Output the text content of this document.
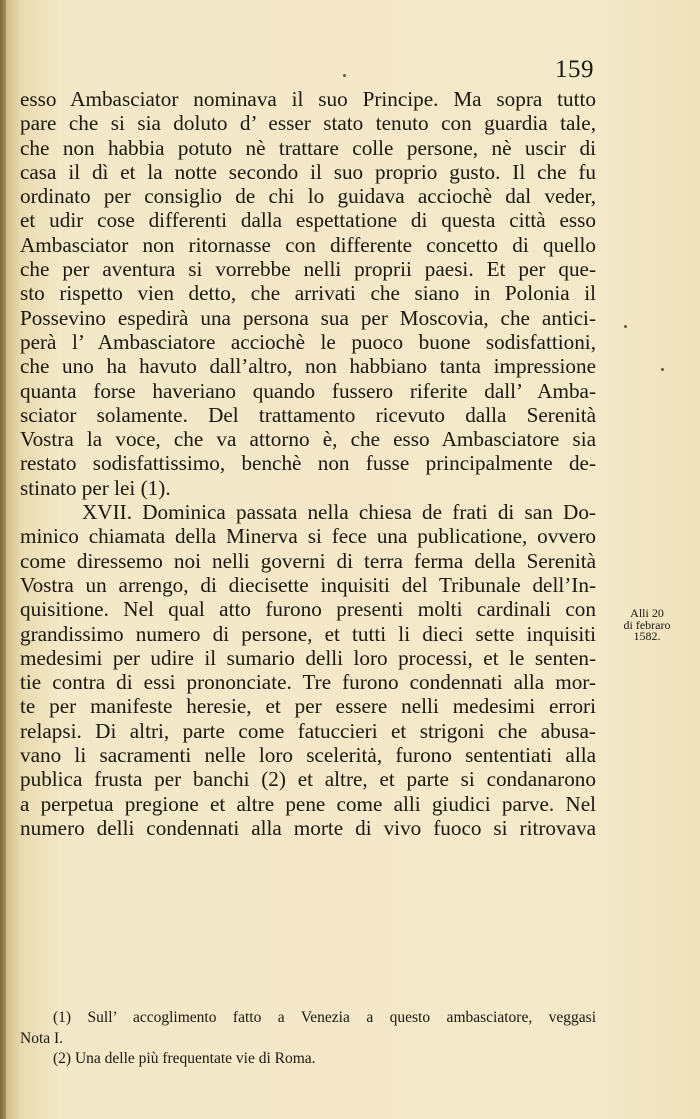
159
esso Ambasciator nominava il suo Principe. Ma sopra tutto
pare che si sia doluto d’ esser stato tenuto con guardia tale,
che non habbia potuto nè trattare colle persone, nè uscir di
casa il dì et la notte secondo il suo proprio gusto. Il che fu
ordinato per consiglio de chi lo guidava acciochè dal veder,
et udir cose differenti dalla espettatione di questa città esso
Ambasciator non ritornasse con differente concetto di quello
che per aventura si vorrebbe nelli proprii paesi. Et per que-
sto rispetto vien detto, che arrivati che siano in Polonia il
Possevino espedirà una persona sua per Moscovia, che antici-
perà l’ Ambasciatore acciochè le puoco buone sodisfattioni,
che uno ha havuto dall’altro, non habbiano tanta impressione
quanta forse haveriano quando fussero riferite dall’ Amba-
sciator solamente. Del trattamento ricevuto dalla Serenità
Vostra la voce, che va attorno è, che esso Ambasciatore sia
restato sodisfattissimo, benchè non fusse principalmente de-
stinato per lei (1).
XVII. Dominica passata nella chiesa de frati di san Do-
minico chiamata della Minerva si fece una publicatione, ovvero
come diressemo noi nelli governi di terra ferma della Serenità
Vostra un arrengo, di diecisette inquisiti del Tribunale dell’In-
quisitione. Nel qual atto furono presenti molti cardinali con
grandissimo numero di persone, et tutti li dieci sette inquisiti
medesimi per udire il sumario delli loro processi, et le senten-
tie contra di essi prononciate. Tre furono condennati alla mor-
te per manifeste heresie, et per essere nelli medesimi errori
relapsi. Di altri, parte come fatuccieri et strigoni che abusa-
vano li sacramenti nelle loro sceleritȧ, furono sententiati alla
publica frusta per banchi (2) et altre, et parte si condanarono
a perpetua pregione et altre pene come alli giudici parve. Nel
numero delli condennati alla morte di vivo fuoco si ritrovava
Alli 20
di febraro
1582.
(1) Sull’ accoglimento fatto a Venezia a questo ambasciatore, veggasi
Nota I.
(2) Una delle più frequentate vie di Roma.
